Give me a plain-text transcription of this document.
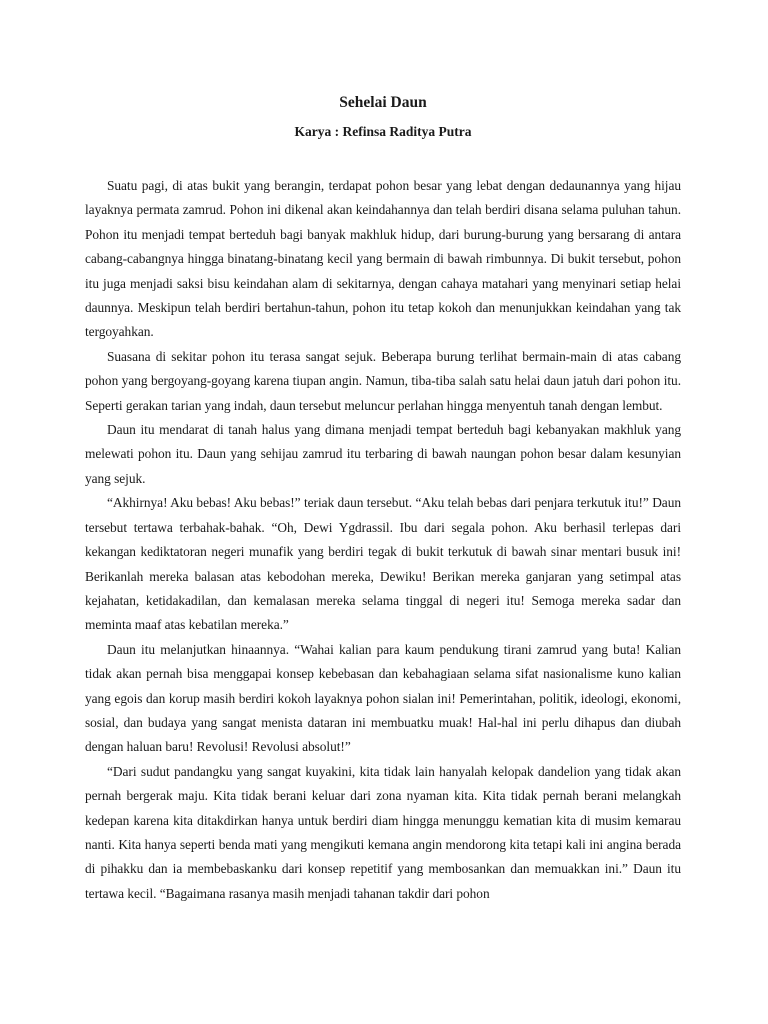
Sehelai Daun

Karya : Refinsa Raditya Putra

Suatu pagi, di atas bukit yang berangin, terdapat pohon besar yang lebat dengan dedaunannya yang hijau layaknya permata zamrud. Pohon ini dikenal akan keindahannya dan telah berdiri disana selama puluhan tahun. Pohon itu menjadi tempat berteduh bagi banyak makhluk hidup, dari burung-burung yang bersarang di antara cabang-cabangnya hingga binatang-binatang kecil yang bermain di bawah rimbunnya. Di bukit tersebut, pohon itu juga menjadi saksi bisu keindahan alam di sekitarnya, dengan cahaya matahari yang menyinari setiap helai daunnya. Meskipun telah berdiri bertahun-tahun, pohon itu tetap kokoh dan menunjukkan keindahan yang tak tergoyahkan.

Suasana di sekitar pohon itu terasa sangat sejuk. Beberapa burung terlihat bermain-main di atas cabang pohon yang bergoyang-goyang karena tiupan angin. Namun, tiba-tiba salah satu helai daun jatuh dari pohon itu. Seperti gerakan tarian yang indah, daun tersebut meluncur perlahan hingga menyentuh tanah dengan lembut.

Daun itu mendarat di tanah halus yang dimana menjadi tempat berteduh bagi kebanyakan makhluk yang melewati pohon itu. Daun yang sehijau zamrud itu terbaring di bawah naungan pohon besar dalam kesunyian yang sejuk.

“Akhirnya! Aku bebas! Aku bebas!” teriak daun tersebut. “Aku telah bebas dari penjara terkutuk itu!” Daun tersebut tertawa terbahak-bahak. “Oh, Dewi Ygdrassil. Ibu dari segala pohon. Aku berhasil terlepas dari kekangan kediktatoran negeri munafik yang berdiri tegak di bukit terkutuk di bawah sinar mentari busuk ini! Berikanlah mereka balasan atas kebodohan mereka, Dewiku! Berikan mereka ganjaran yang setimpal atas kejahatan, ketidakadilan, dan kemalasan mereka selama tinggal di negeri itu! Semoga mereka sadar dan meminta maaf atas kebatilan mereka.”

Daun itu melanjutkan hinaannya. “Wahai kalian para kaum pendukung tirani zamrud yang buta! Kalian tidak akan pernah bisa menggapai konsep kebebasan dan kebahagiaan selama sifat nasionalisme kuno kalian yang egois dan korup masih berdiri kokoh layaknya pohon sialan ini! Pemerintahan, politik, ideologi, ekonomi, sosial, dan budaya yang sangat menista dataran ini membuatku muak! Hal-hal ini perlu dihapus dan diubah dengan haluan baru! Revolusi! Revolusi absolut!”

“Dari sudut pandangku yang sangat kuyakini, kita tidak lain hanyalah kelopak dandelion yang tidak akan pernah bergerak maju. Kita tidak berani keluar dari zona nyaman kita. Kita tidak pernah berani melangkah kedepan karena kita ditakdirkan hanya untuk berdiri diam hingga menunggu kematian kita di musim kemarau nanti. Kita hanya seperti benda mati yang mengikuti kemana angin mendorong kita tetapi kali ini angina berada di pihakku dan ia membebaskanku dari konsep repetitif yang membosankan dan memuakkan ini.” Daun itu tertawa kecil. “Bagaimana rasanya masih menjadi tahanan takdir dari pohon
